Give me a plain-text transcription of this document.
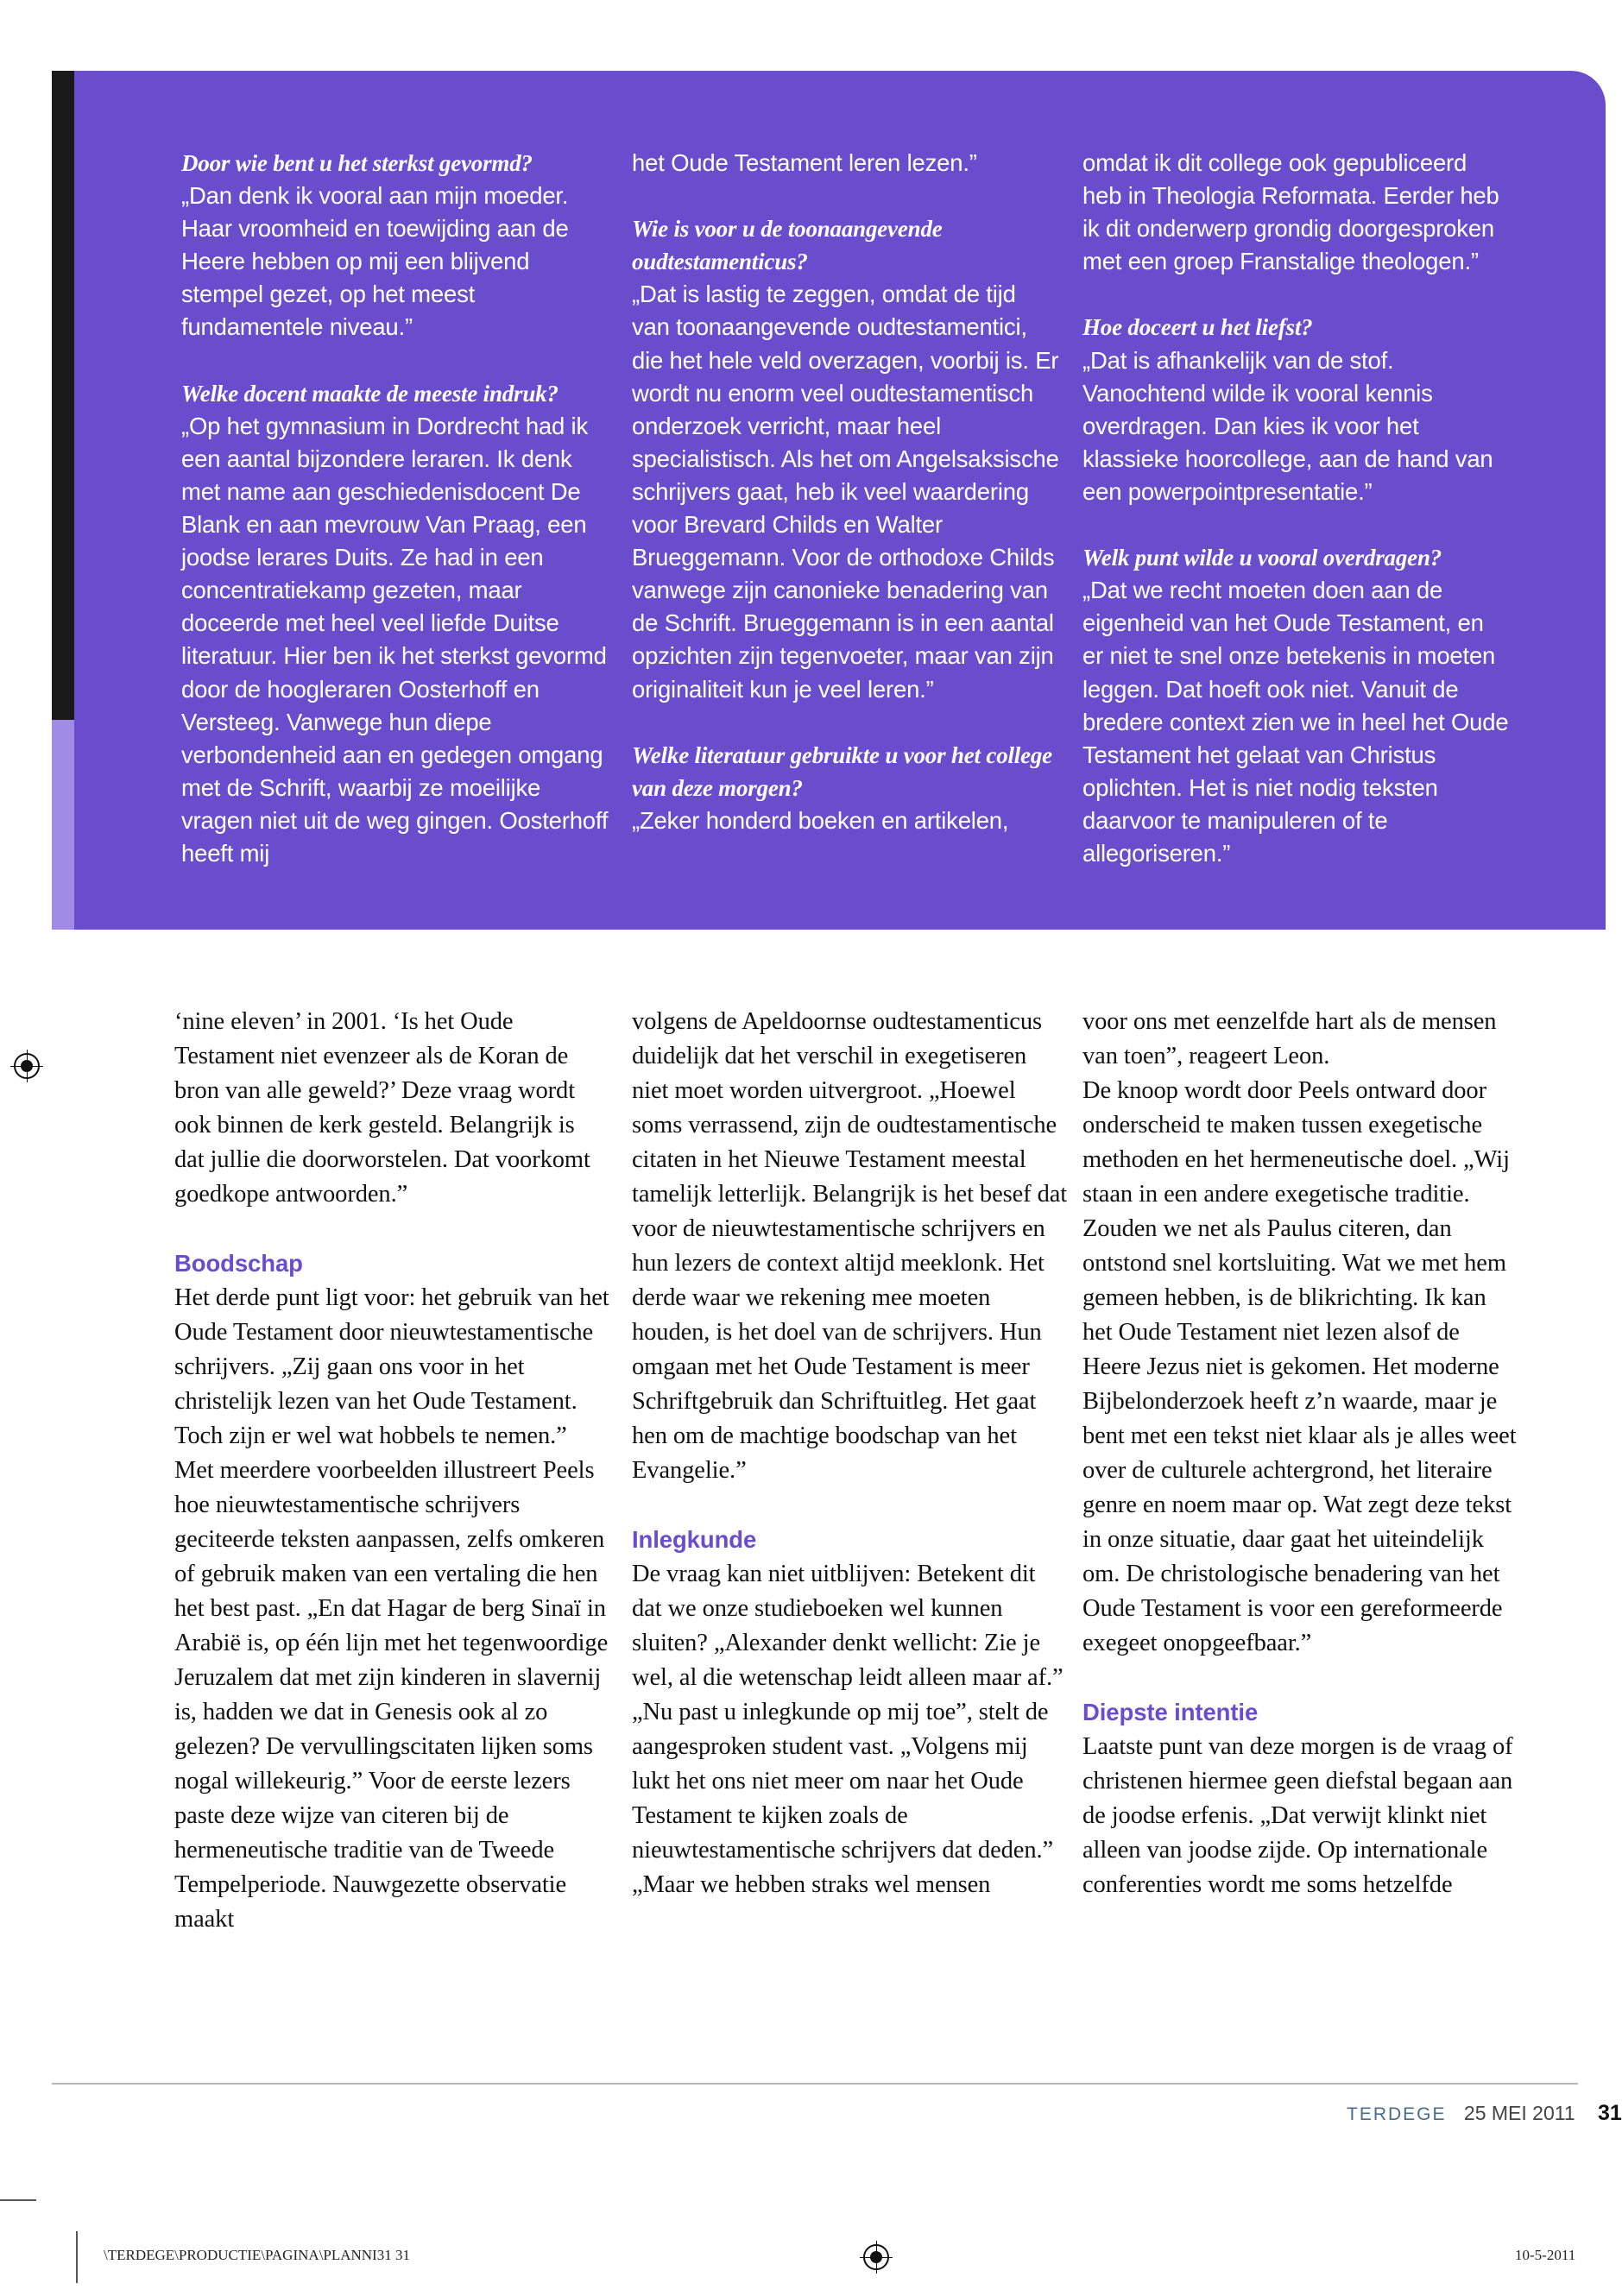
Door wie bent u het sterkst gevormd?

„Dan denk ik vooral aan mijn moeder. Haar vroomheid en toewijding aan de Heere hebben op mij een blijvend stempel gezet, op het meest fundamentele niveau.”

Welke docent maakte de meeste indruk?

„Op het gymnasium in Dordrecht had ik een aantal bijzondere leraren. Ik denk met name aan geschiedenisdocent De Blank en aan mevrouw Van Praag, een joodse lerares Duits. Ze had in een concentratiekamp gezeten, maar doceerde met heel veel liefde Duitse literatuur. Hier ben ik het sterkst gevormd door de hoogleraren Oosterhoff en Versteeg. Vanwege hun diepe verbondenheid aan en gedegen omgang met de Schrift, waarbij ze moeilijke vragen niet uit de weg gingen. Oosterhoff heeft mij

het Oude Testament leren lezen.”

Wie is voor u de toonaangevende oudtestamenticus?

„Dat is lastig te zeggen, omdat de tijd van toonaangevende oudtestamentici, die het hele veld overzagen, voorbij is. Er wordt nu enorm veel oudtestamentisch onderzoek verricht, maar heel specialistisch. Als het om Angelsaksische schrijvers gaat, heb ik veel waardering voor Brevard Childs en Walter Brueggemann. Voor de orthodoxe Childs vanwege zijn canonieke benadering van de Schrift. Brueggemann is in een aantal opzichten zijn tegenvoeter, maar van zijn originaliteit kun je veel leren.”

Welke literatuur gebruikte u voor het college van deze morgen?

„Zeker honderd boeken en artikelen,

omdat ik dit college ook gepubliceerd heb in Theologia Reformata. Eerder heb ik dit onderwerp grondig doorgesproken met een groep Franstalige theologen.”

Hoe doceert u het liefst?

„Dat is afhankelijk van de stof. Vanochtend wilde ik vooral kennis overdragen. Dan kies ik voor het klassieke hoorcollege, aan de hand van een powerpointpresentatie.”

Welk punt wilde u vooral overdragen?

„Dat we recht moeten doen aan de eigenheid van het Oude Testament, en er niet te snel onze betekenis in moeten leggen. Dat hoeft ook niet. Vanuit de bredere context zien we in heel het Oude Testament het gelaat van Christus oplichten. Het is niet nodig teksten daarvoor te manipuleren of te allegoriseren.”

‘nine eleven’ in 2001. ‘Is het Oude Testament niet evenzeer als de Koran de bron van alle geweld?’ Deze vraag wordt ook binnen de kerk gesteld. Belangrijk is dat jullie die doorworstelen. Dat voorkomt goedkope antwoorden.”

Boodschap

Het derde punt ligt voor: het gebruik van het Oude Testament door nieuwtestamentische schrijvers. „Zij gaan ons voor in het christelijk lezen van het Oude Testament. Toch zijn er wel wat hobbels te nemen.” Met meerdere voorbeelden illustreert Peels hoe nieuwtestamentische schrijvers geciteerde teksten aanpassen, zelfs omkeren of gebruik maken van een vertaling die hen het best past. „En dat Hagar de berg Sinaï in Arabië is, op één lijn met het tegenwoordige Jeruzalem dat met zijn kinderen in slavernij is, hadden we dat in Genesis ook al zo gelezen? De vervullingscitaten lijken soms nogal willekeurig.” Voor de eerste lezers paste deze wijze van citeren bij de hermeneutische traditie van de Tweede Tempelperiode. Nauwgezette observatie maakt

volgens de Apeldoornse oudtestamenticus duidelijk dat het verschil in exegetiseren niet moet worden uitvergroot. „Hoewel soms verrassend, zijn de oudtestamentische citaten in het Nieuwe Testament meestal tamelijk letterlijk. Belangrijk is het besef dat voor de nieuwtestamentische schrijvers en hun lezers de context altijd meeklonk. Het derde waar we rekening mee moeten houden, is het doel van de schrijvers. Hun omgaan met het Oude Testament is meer Schriftgebruik dan Schriftuitleg. Het gaat hen om de machtige boodschap van het Evangelie.”

Inlegkunde

De vraag kan niet uitblijven: Betekent dit dat we onze studieboeken wel kunnen sluiten? „Alexander denkt wellicht: Zie je wel, al die wetenschap leidt alleen maar af.”

„Nu past u inlegkunde op mij toe”, stelt de aangesproken student vast. „Volgens mij lukt het ons niet meer om naar het Oude Testament te kijken zoals de nieuwtestamentische schrijvers dat deden.”

„Maar we hebben straks wel mensen

voor ons met eenzelfde hart als de mensen van toen”, reageert Leon.

De knoop wordt door Peels ontward door onderscheid te maken tussen exegetische methoden en het hermeneutische doel. „Wij staan in een andere exegetische traditie. Zouden we net als Paulus citeren, dan ontstond snel kortsluiting. Wat we met hem gemeen hebben, is de blikrichting. Ik kan het Oude Testament niet lezen alsof de Heere Jezus niet is gekomen. Het moderne Bijbelonderzoek heeft z’n waarde, maar je bent met een tekst niet klaar als je alles weet over de culturele achtergrond, het literaire genre en noem maar op. Wat zegt deze tekst in onze situatie, daar gaat het uiteindelijk om. De christologische benadering van het Oude Testament is voor een gereformeerde exegeet onopgeefbaar.”

Diepste intentie

Laatste punt van deze morgen is de vraag of christenen hiermee geen diefstal begaan aan de joodse erfenis. „Dat verwijt klinkt niet alleen van joodse zijde. Op internationale conferenties wordt me soms hetzelfde

TERDEGE 25 MEI 2011 31
\TERDEGE\PRODUCTIE\PAGINA\PLANNI31 31	10-5-2011
